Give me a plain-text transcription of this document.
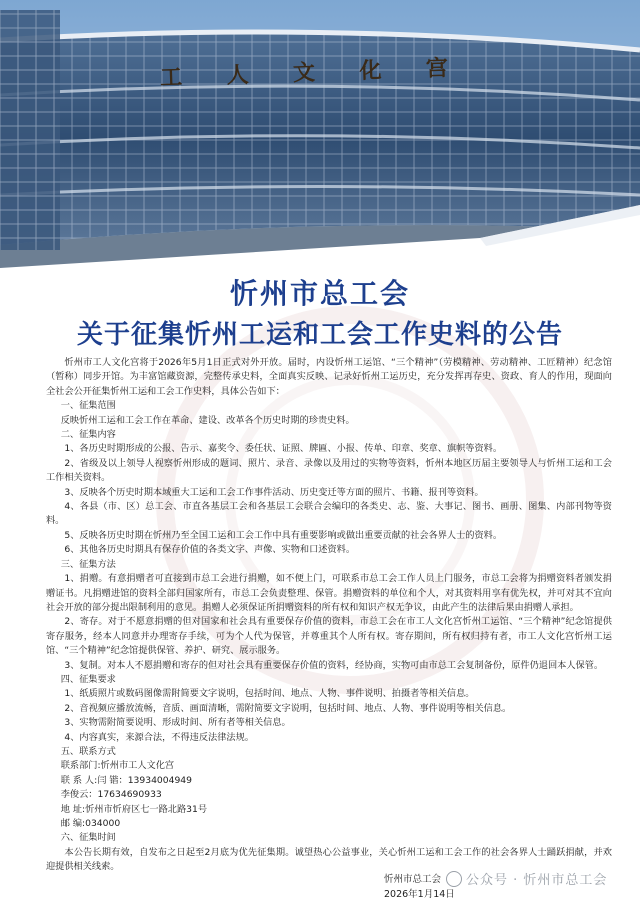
工 人 文 化 宫
忻州市总工会
关于征集忻州工运和工会工作史料的公告

忻州市工人文化宫将于2026年5月1日正式对外开放。届时，内设忻州工运馆、“三个精神”（劳模精神、劳动精神、工匠精神）纪念馆（暂称）同步开馆。为丰富馆藏资源，完整传承史料，全面真实反映、记录好忻州工运历史，充分发挥再存史、资政、育人的作用，现面向全社会公开征集忻州工运和工会工作史料，具体公告如下：

一、征集范围

反映忻州工运和工会工作在革命、建设、改革各个历史时期的珍贵史料。

二、征集内容

1、各历史时期形成的公报、告示、嘉奖令、委任状、证照、牌匾、小报、传单、印章、奖章、旗帜等资料。

2、省级及以上领导人视察忻州形成的题词、照片、录音、录像以及用过的实物等资料，忻州本地区历届主要领导人与忻州工运和工会工作相关资料。

3、反映各个历史时期本域重大工运和工会工作事件活动、历史变迁等方面的照片、书籍、报刊等资料。

4、各县（市、区）总工会、市直各基层工会和各基层工会联合会编印的各类史、志、鉴、大事记、图书、画册、图集、内部刊物等资料。

5、反映各历史时期在忻州乃至全国工运和工会工作中具有重要影响或做出重要贡献的社会各界人士的资料。

6、其他各历史时期具有保存价值的各类文字、声像、实物和口述资料。

三、征集方法

1、捐赠。有意捐赠者可直接到市总工会进行捐赠，如不便上门，可联系市总工会工作人员上门服务，市总工会将为捐赠资料者颁发捐赠证书。凡捐赠进馆的资料全部归国家所有，市总工会负责整理、保管。捐赠资料的单位和个人，对其资料用享有优先权，并可对其不宜向社会开放的部分提出限制利用的意见。捐赠人必须保证所捐赠资料的所有权和知识产权无争议，由此产生的法律后果由捐赠人承担。

2、寄存。对于不愿意捐赠的但对国家和社会具有重要保存价值的资料，市总工会在市工人文化宫忻州工运馆、“三个精神”纪念馆提供寄存服务，经本人同意并办理寄存手续，可为个人代为保管，并尊重其个人所有权。寄存期间，所有权归持有者，市工人文化宫忻州工运馆、“三个精神”纪念馆提供保管、养护、研究、展示服务。

3、复制。对本人不愿捐赠和寄存的但对社会具有重要保存价值的资料，经协商，实物可由市总工会复制备份，原件仍退回本人保管。

四、征集要求

1、纸质照片或数码图像需附简要文字说明，包括时间、地点、人物、事件说明、拍摄者等相关信息。

2、音视频应播放流畅，音质、画面清晰，需附简要文字说明，包括时间、地点、人物、事件说明等相关信息。

3、实物需附简要说明、形成时间、所有者等相关信息。

4、内容真实，来源合法，不得违反法律法规。

五、联系方式

联系部门:忻州市工人文化宫

联 系 人:闫 锴：13934004949

李俊云：17634690933

地 址:忻州市忻府区七一路北路31号

邮 编:034000

六、征集时间

本公告长期有效，自发布之日起至2月底为优先征集期。诚望热心公益事业，关心忻州工运和工会工作的社会各界人士踊跃捐献，并欢迎提供相关线索。

忻州市总工会
2026年1月14日
公众号 · 忻州市总工会
